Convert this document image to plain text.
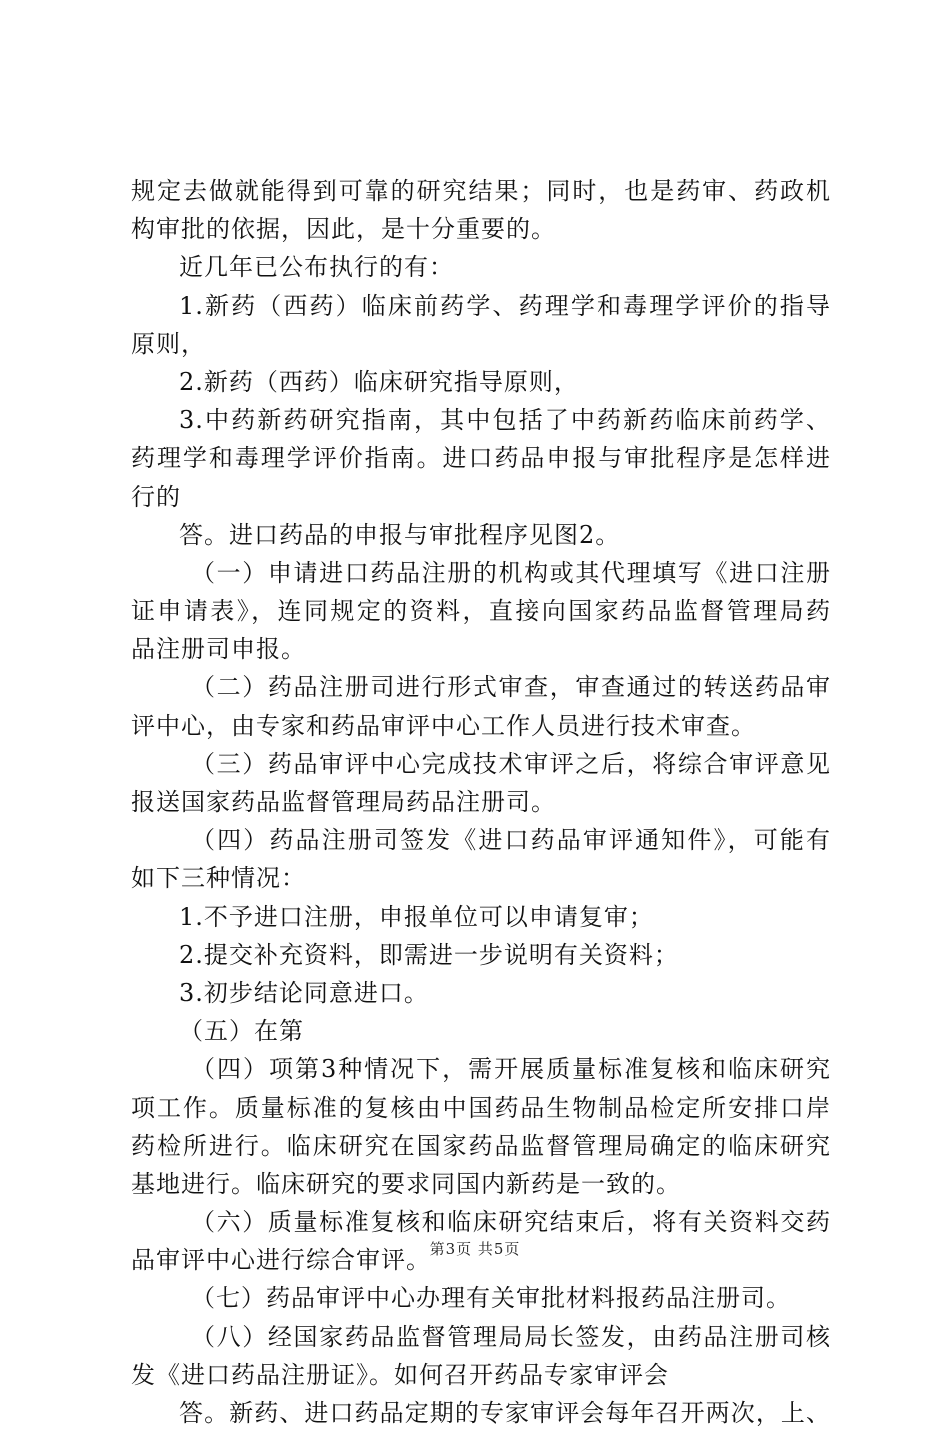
规定去做就能得到可靠的研究结果；同时，也是药审、药政机
构审批的依据，因此，是十分重要的。
近几年已公布执行的有：
1.新药（西药）临床前药学、药理学和毒理学评价的指导
原则，
2.新药（西药）临床研究指导原则，
3.中药新药研究指南，其中包括了中药新药临床前药学、
药理学和毒理学评价指南。进口药品申报与审批程序是怎样进
行的
答。进口药品的申报与审批程序见图2。
（一）申请进口药品注册的机构或其代理填写《进口注册
证申请表》，连同规定的资料，直接向国家药品监督管理局药
品注册司申报。
（二）药品注册司进行形式审查，审查通过的转送药品审
评中心，由专家和药品审评中心工作人员进行技术审查。
（三）药品审评中心完成技术审评之后，将综合审评意见
报送国家药品监督管理局药品注册司。
（四）药品注册司签发《进口药品审评通知件》，可能有
如下三种情况：
1.不予进口注册，申报单位可以申请复审；
2.提交补充资料，即需进一步说明有关资料；
3.初步结论同意进口。
（五）在第
（四）项第3种情况下，需开展质量标准复核和临床研究
项工作。质量标准的复核由中国药品生物制品检定所安排口岸
药检所进行。临床研究在国家药品监督管理局确定的临床研究
基地进行。临床研究的要求同国内新药是一致的。
（六）质量标准复核和临床研究结束后，将有关资料交药
品审评中心进行综合审评。
（七）药品审评中心办理有关审批材料报药品注册司。
（八）经国家药品监督管理局局长签发，由药品注册司核
发《进口药品注册证》。如何召开药品专家审评会
答。新药、进口药品定期的专家审评会每年召开两次，上、
第3页 共5页
